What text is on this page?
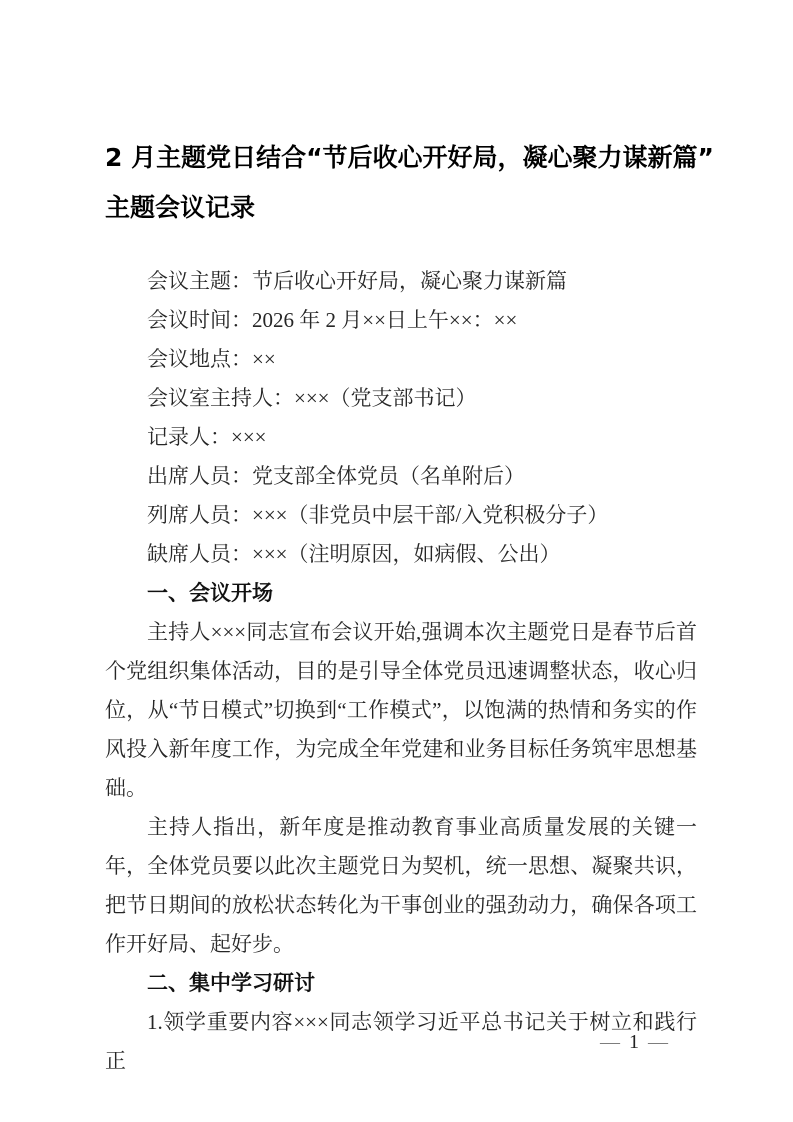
2 月主题党日结合“节后收心开好局，凝心聚力谋新篇”
主题会议记录

会议主题：节后收心开好局，凝心聚力谋新篇

会议时间：2026 年 2 月××日上午××：××

会议地点：××

会议室主持人：×××（党支部书记）

记录人：×××

出席人员：党支部全体党员（名单附后）

列席人员：×××（非党员中层干部/入党积极分子）

缺席人员：×××（注明原因，如病假、公出）

一、会议开场

主持人×××同志宣布会议开始,强调本次主题党日是春节后首个党组织集体活动，目的是引导全体党员迅速调整状态，收心归位，从“节日模式”切换到“工作模式”，以饱满的热情和务实的作风投入新年度工作，为完成全年党建和业务目标任务筑牢思想基础。

主持人指出，新年度是推动教育事业高质量发展的关键一年，全体党员要以此次主题党日为契机，统一思想、凝聚共识，把节日期间的放松状态转化为干事创业的强劲动力，确保各项工作开好局、起好步。

二、集中学习研讨

1.领学重要内容×××同志领学习近平总书记关于树立和践行正

— 1 —
